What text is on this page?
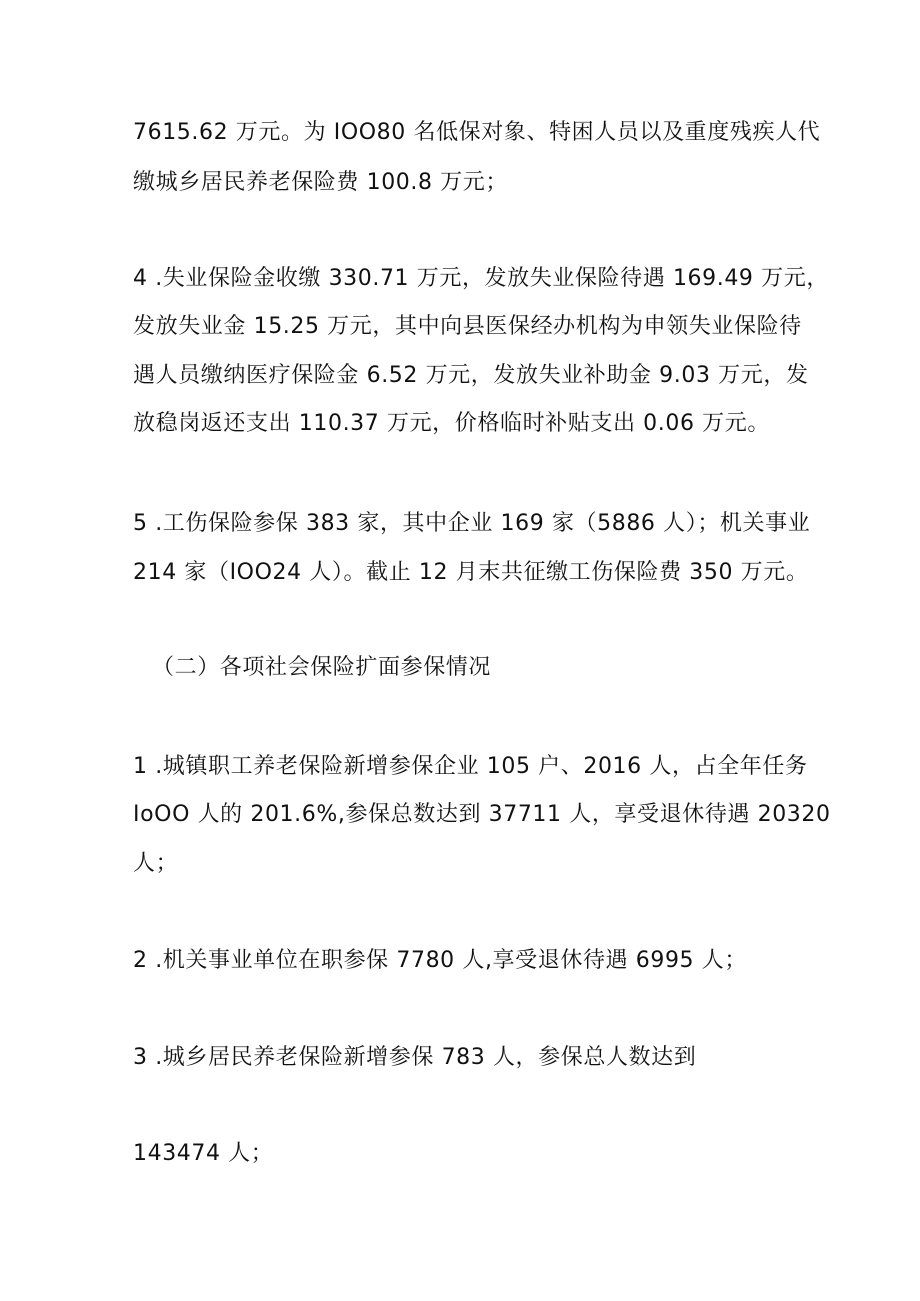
7615.62 万元。为 IOO80 名低保对象、特困人员以及重度残疾人代
缴城乡居民养老保险费 100.8 万元；
4 .失业保险金收缴 330.71 万元，发放失业保险待遇 169.49 万元，
发放失业金 15.25 万元，其中向县医保经办机构为申领失业保险待
遇人员缴纳医疗保险金 6.52 万元，发放失业补助金 9.03 万元，发
放稳岗返还支出 110.37 万元，价格临时补贴支出 0.06 万元。
5 .工伤保险参保 383 家，其中企业 169 家（5886 人）；机关事业
214 家（IOO24 人）。截止 12 月末共征缴工伤保险费 350 万元。
（二）各项社会保险扩面参保情况
1 .城镇职工养老保险新增参保企业 105 户、2016 人，占全年任务
IoOO 人的 201.6%,参保总数达到 37711 人，享受退休待遇 20320
人；
2 .机关事业单位在职参保 7780 人,享受退休待遇 6995 人；
3 .城乡居民养老保险新增参保 783 人，参保总人数达到
143474 人；
